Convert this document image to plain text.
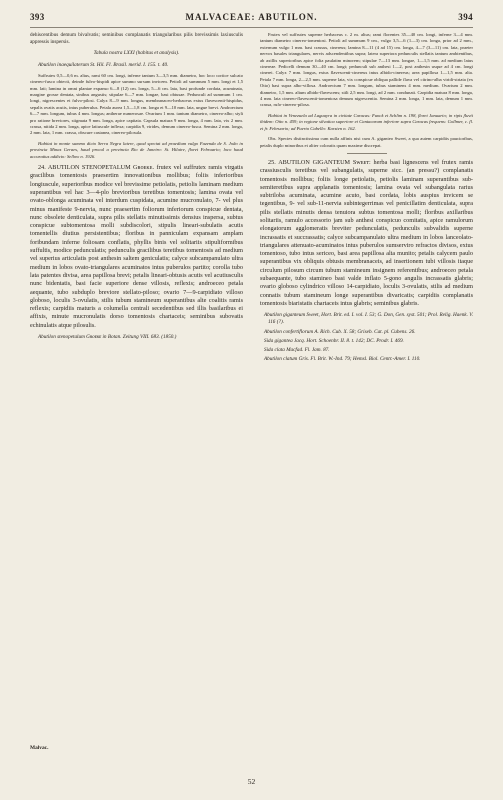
393	MALVACEAE: ABUTILON.	394

dehiscentibus demum bivalvatis; seminibus complanatis triangularibus pilis brevissimis laxiusculis appressis inspersis.

Tabula nostra LXXI (habitus et analysis).

Abutilon inaequilaterum St. Hil. Fl. Brasil. merid. I. 155. t. 40.

Suffrutex 0,5—0,6 m. altus, rami 60 cm. longi, inferne tantum 3—3,5 mm. diametro, hoc loco cortice sulcato cinereo-fusco obtecti, deinde fulvo-hispidi apice summo sursum invicem. Petioli ad summum 5 mm. longi et 1,5 mm. lati; lamina in omni plantae expanso 6—8 (12) cm. longa, 5—6 cm. lata, basi profunde cordata, acuminata, margine grosse dentata, sinibus angustis; stipulae 6—7 mm. longae, basi obtusae. Pedunculi ad summum 1 cm. longi, nigrescentes et fulvo-pilosi. Calyx 8—9 mm. longus, membranaceo-herbaceus extus flavescenti-hispidus, sepalis ovatis acutis, intus puberulus. Petala aurea 1,5—1,8 cm. longa et 9—10 mm. lata, ungue brevi. Androecium 6—7 mm. longum, tubus 4 mm. longus; antherae numerosae. Ovarium 1 mm. tantum diametro, cinereo-albo; styli pro ratione breviores, stigmata 9 mm. longa, apice capitata. Capsula matura 9 mm. longa, 4 mm. lata, vix 2 mm. crassa, nitida 2 mm. longa, apice latiuscule inflexa; carpidia 9, virides, demum cinereo-fusca. Semina 2 mm. longa, 2 mm. lata, 1 mm. crassa, obscure castanea, cinereo-pilosula.

Habitat in monte summo dicto Serra Negra latere, quod spectat ad praedium vulgo Fazenda de S. João in provincia Minas Geraes, haud procul a provincia Rio de Janeiro: St. Hilaire, floret Februario; loco haud accuratius addicto: Sellow n. 1926.

24. ABUTILON STENOPETALUM Gʀᴏᴇᴋᴇ. frutex vel suffrutex ramis virgatis gracilibus tomentosis praesertim innovationibus mollibus; foliis inferioribus longiuscule, superioribus modice vel brevissime petiolatis, petiolis laminam medium superantibus vel hac 3—4-plo brevioribus teretibus tomentosis; lamina ovata vel ovato-oblonga acuminata vel interdum cuspidata, acumine mucronulato, 7- vel plus minus manifeste 9-nervia, nunc praesertim foliorum inferiorum conspicue dentata, nunc obsolete denticulata, supra pilis stellatis minutissimis densius inspersa, subtus conspicue subtomentosa molli subdiscolori, stipulis lineari-subulatis acutis tomentellis diutius persistentibus; floribus in panniculam expansam amplam foribundam inferne foliosam conflatis, phyllis binis vel solitariis stipuliformibus suffultis, modice pedunculatis; pedunculis gracilibus teretibus tomentosis ad medium vel superius articulatis post anthesin saltem geniculatis; calyce subcampanulato ultra medium in lobos ovato-triangulares acuminatos intus puberulos partito; corolla tubo lata patentes divisa, area papillosa brevi; petalis lineari-obtusis acutis vel acutiusculis nunc bidentatis, basi facie superiore dense villosis, reflexis; androeceo petala aequante, tubo subduplo breviore stellato-piloso; ovario 7—9-carpidiato villoso globoso, loculis 3-ovulatis, stilis tubum stamineum superantibus alte coalitis ramis reflexis; carpidiis maturis a columella centrali secedentibus sed illis basilaribus ei affixis, minute mucronulatis dorso tomentosis chartaceis; seminibus subovatis echinulatis atque pilosulis.

Abutilon stenopetalum Gʀᴏᴇᴋᴇ in Botan. Zeitung VIII. 683. (1850.)

Malvac.

Frutex vel suffrutex superne herbaceus c. 2 m. altus; rami florentes 35—40 cm. longi, inferne 3—4 mm. tantum diametro cinereo-tomentosi. Petioli ad summum 9 cm., vulgo 3,5—6 (1—3) cm. longa, prior ad 2 mm., externum vulgo 1 mm. basi crassus, cinereus; lamina 8—11 (4 ad 15) cm. longa, 4—7 (3—11) cm. lata, praeter nervos basales triangulares, nervis adscendentibus supra; latera superiora pedunculis stellatis tantum ambientibus, ab axillis superioribus apice folia paulatim minorem; stipulae 7—13 mm. longae, 1—1,5 mm. ad medium latus cinereae. Pedicelli demum 30—40 cm. longi; pedunculi sub anthesi 1—2, post anthesin usque ad 4 cm. longi cinerei. Calyx 7 mm. longus, extus flavescenti-cinereus intus albido-cinereus; area papillosa 1—1,5 mm. alta. Petala 7 mm. longa, 2—2,5 mm. superne lata, vix conspicue obliqua pallide flava vel citrino-alba viridi-striata (ex Otto) basi supra albo-villosa. Androecium 7 mm. longum, tubus staminens 4 mm. medium. Ovarium 2 mm. diametro, 1,5 mm. altum albido-flavescens; stili 2,5 mm. longi, ad 2 mm. condunati. Carpidia matura 8 mm. longa, 4 mm. lata cinereo-flavescenti-tomentosa demum nigrescentia. Semina 2 mm. longa, 1 mm. lata, demum 1 mm. crassa, rufo-cinereo-pilosa.

Habitat in Venezuela ad Laguayra in civitate Caracas: Funck et Schlim n. 198, floret Januario; in ripis fluvii ibidem: Otto n. 459; in regione silvatica superiore et Cantacarum inferiore supra Caracas frequens: Gollmer, c. fl. et fr. Februario; ad Puerto Cabello: Karsten n. 162.

Obs. Species distinctissima cum nulla affinis nisi cum A. giganteo Sweet, a qua autem carpidiis paucioribus, petalis duplo minoribus et aliter coloratis quam maxime discrepat.

25. ABUTILON GIGANTEUM Sᴡᴇᴇᴛ: herba basi lignescens vel frutex ramis crassiusculis teretibus vel subangulatis, superne sicc. (an pressu?) complanatis tomentosis mollibus; foliis longe petiolatis, petiolis laminam superantibus sub-semiteretibus supra applanatis tomentosis; lamina ovata vel subangulata rarius subtriloba acuminata, acumine acuto, basi cordata, lobis auspius invicem se tegentibus, 9- vel sub-11-nervia subintegerrimas vel penicillatim denticulata, supra pilis stellatis minutis densa tenuiora subtus tomentosa molli; floribus axillaribus solitariis, ramulo accessorio jam sub anthesi conspicuo comitatis, apice ramulorum elongatorum agglomeratis breviter pedunculatis, pedunculis subvalidis superne incrassatis et succrassatis; calyce subcampanulato ultra medium in lobos lanceolato-triangulares attenuato-acuminatos intus puberulos sumserviro refractos divisos, extus tomentoso, tubo intus sericeo, basi area papillosa alta munito; petalis calycem paulo superantibus vix obliquis obtusis membranaceis, ad insertionem tubi villosis itaque circulum pilosum circum tubum stamineum insignem referentibus; androeceo petala subaequante, tubo stamineo basi valde inflato 5-gono angulis incrassatis glabris; ovario globoso cylindrico villoso 14-carpidiato, loculis 3-ovulatis, stilis ad medium connatis tubum stamineum longe superantibus divaricatis; carpidiis complanatis tomentosis biaristatis chartaceis intus glabris; seminibus glabris.

Abutilon giganteum Sweet, Hort. Brit. ed. I. vol. I. 53; G. Don, Gen. syst. 501; Prol. Relig. Haenk. V. 116 (?).

Abutilon confertiflorum A. Rich. Cub. X. 58; Griseb. Cat. pl. Cubens. 26.

Sida gigantea Jacq. Hort. Schoenbr. II. 8. t. 142; DC. Prodr. I. 469.

Sida clata Macfad. Fl. Jam. 87.

Abutilon clatum Gris. Fl. Brit. W.-Ind. 79; Hemsl. Biol. Centr.-Amer. I. 110.

52
